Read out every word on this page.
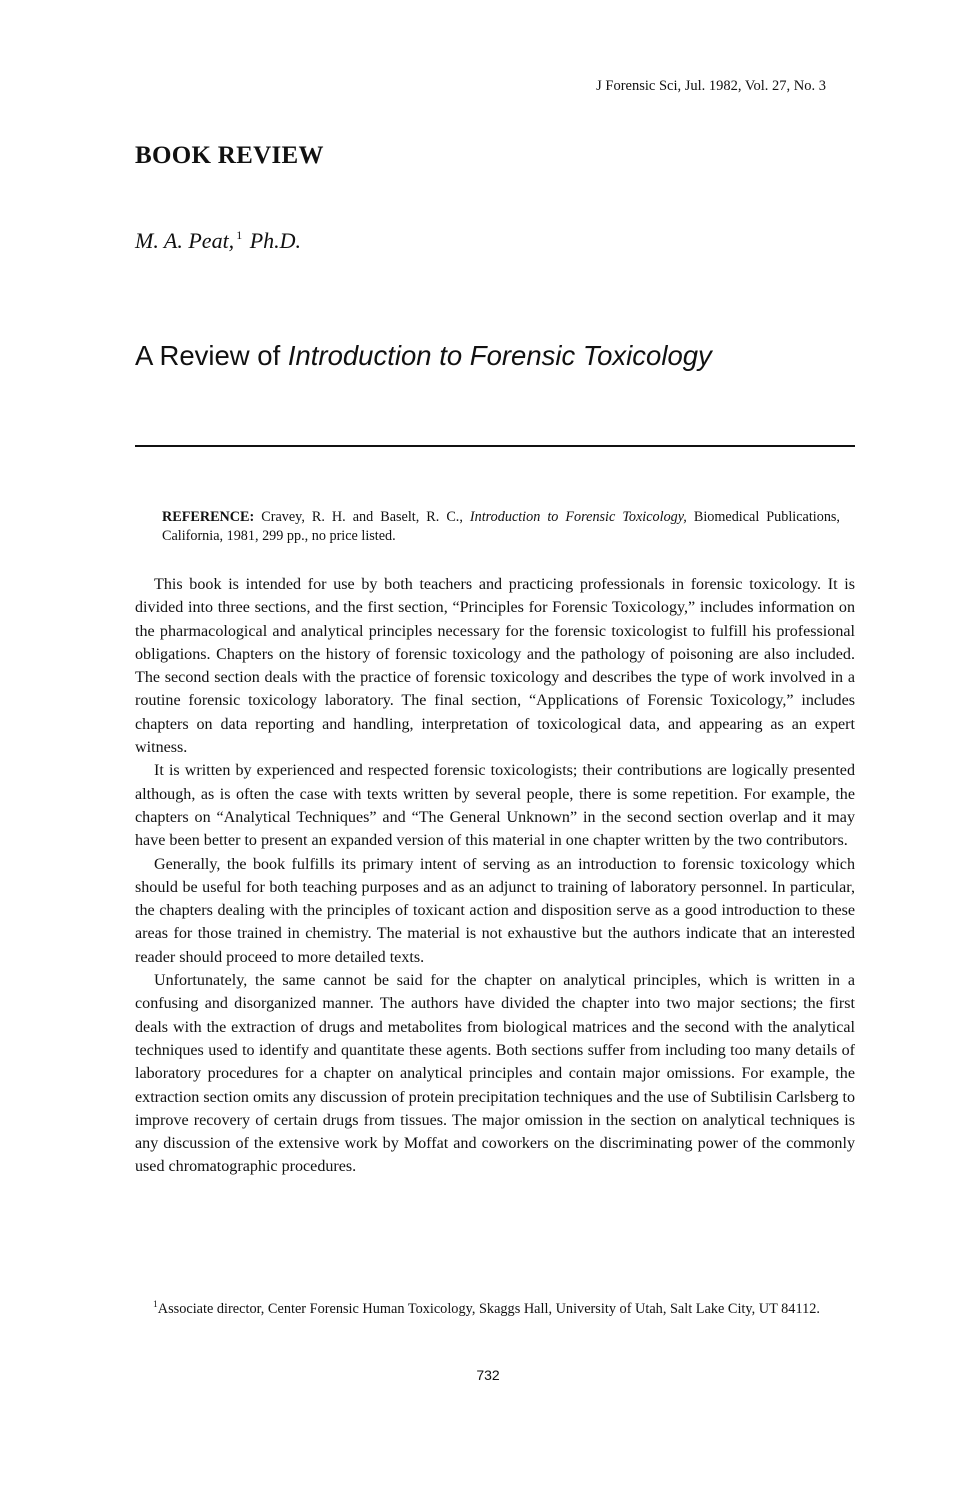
J Forensic Sci, Jul. 1982, Vol. 27, No. 3
BOOK REVIEW
M. A. Peat, $^1$ Ph.D.
A Review of Introduction to Forensic Toxicology

REFERENCE: Cravey, R. H. and Baselt, R. C., Introduction to Forensic Toxicology, Biomedical Publications, California, 1981, 299 pp., no price listed.

This book is intended for use by both teachers and practicing professionals in forensic toxicology. It is divided into three sections, and the first section, “Principles for Forensic Toxicology,” includes information on the pharmacological and analytical principles necessary for the forensic toxicologist to fulfill his professional obligations. Chapters on the history of forensic toxicology and the pathology of poisoning are also included. The second section deals with the practice of forensic toxicology and describes the type of work involved in a routine forensic toxicology laboratory. The final section, “Applications of Forensic Toxicology,” includes chapters on data reporting and handling, interpretation of toxicological data, and appearing as an expert witness.

It is written by experienced and respected forensic toxicologists; their contributions are logically presented although, as is often the case with texts written by several people, there is some repetition. For example, the chapters on “Analytical Techniques” and “The General Unknown” in the second section overlap and it may have been better to present an expanded version of this material in one chapter written by the two contributors.

Generally, the book fulfills its primary intent of serving as an introduction to forensic toxicology which should be useful for both teaching purposes and as an adjunct to training of laboratory personnel. In particular, the chapters dealing with the principles of toxicant action and disposition serve as a good introduction to these areas for those trained in chemistry. The material is not exhaustive but the authors indicate that an interested reader should proceed to more detailed texts.

Unfortunately, the same cannot be said for the chapter on analytical principles, which is written in a confusing and disorganized manner. The authors have divided the chapter into two major sections; the first deals with the extraction of drugs and metabolites from biological matrices and the second with the analytical techniques used to identify and quantitate these agents. Both sections suffer from including too many details of laboratory procedures for a chapter on analytical principles and contain major omissions. For example, the extraction section omits any discussion of protein precipitation techniques and the use of Subtilisin Carlsberg to improve recovery of certain drugs from tissues. The major omission in the section on analytical techniques is any discussion of the extensive work by Moffat and coworkers on the discriminating power of the commonly used chromatographic procedures.

$^1$Associate director, Center Forensic Human Toxicology, Skaggs Hall, University of Utah, Salt Lake City, UT 84112.

732
